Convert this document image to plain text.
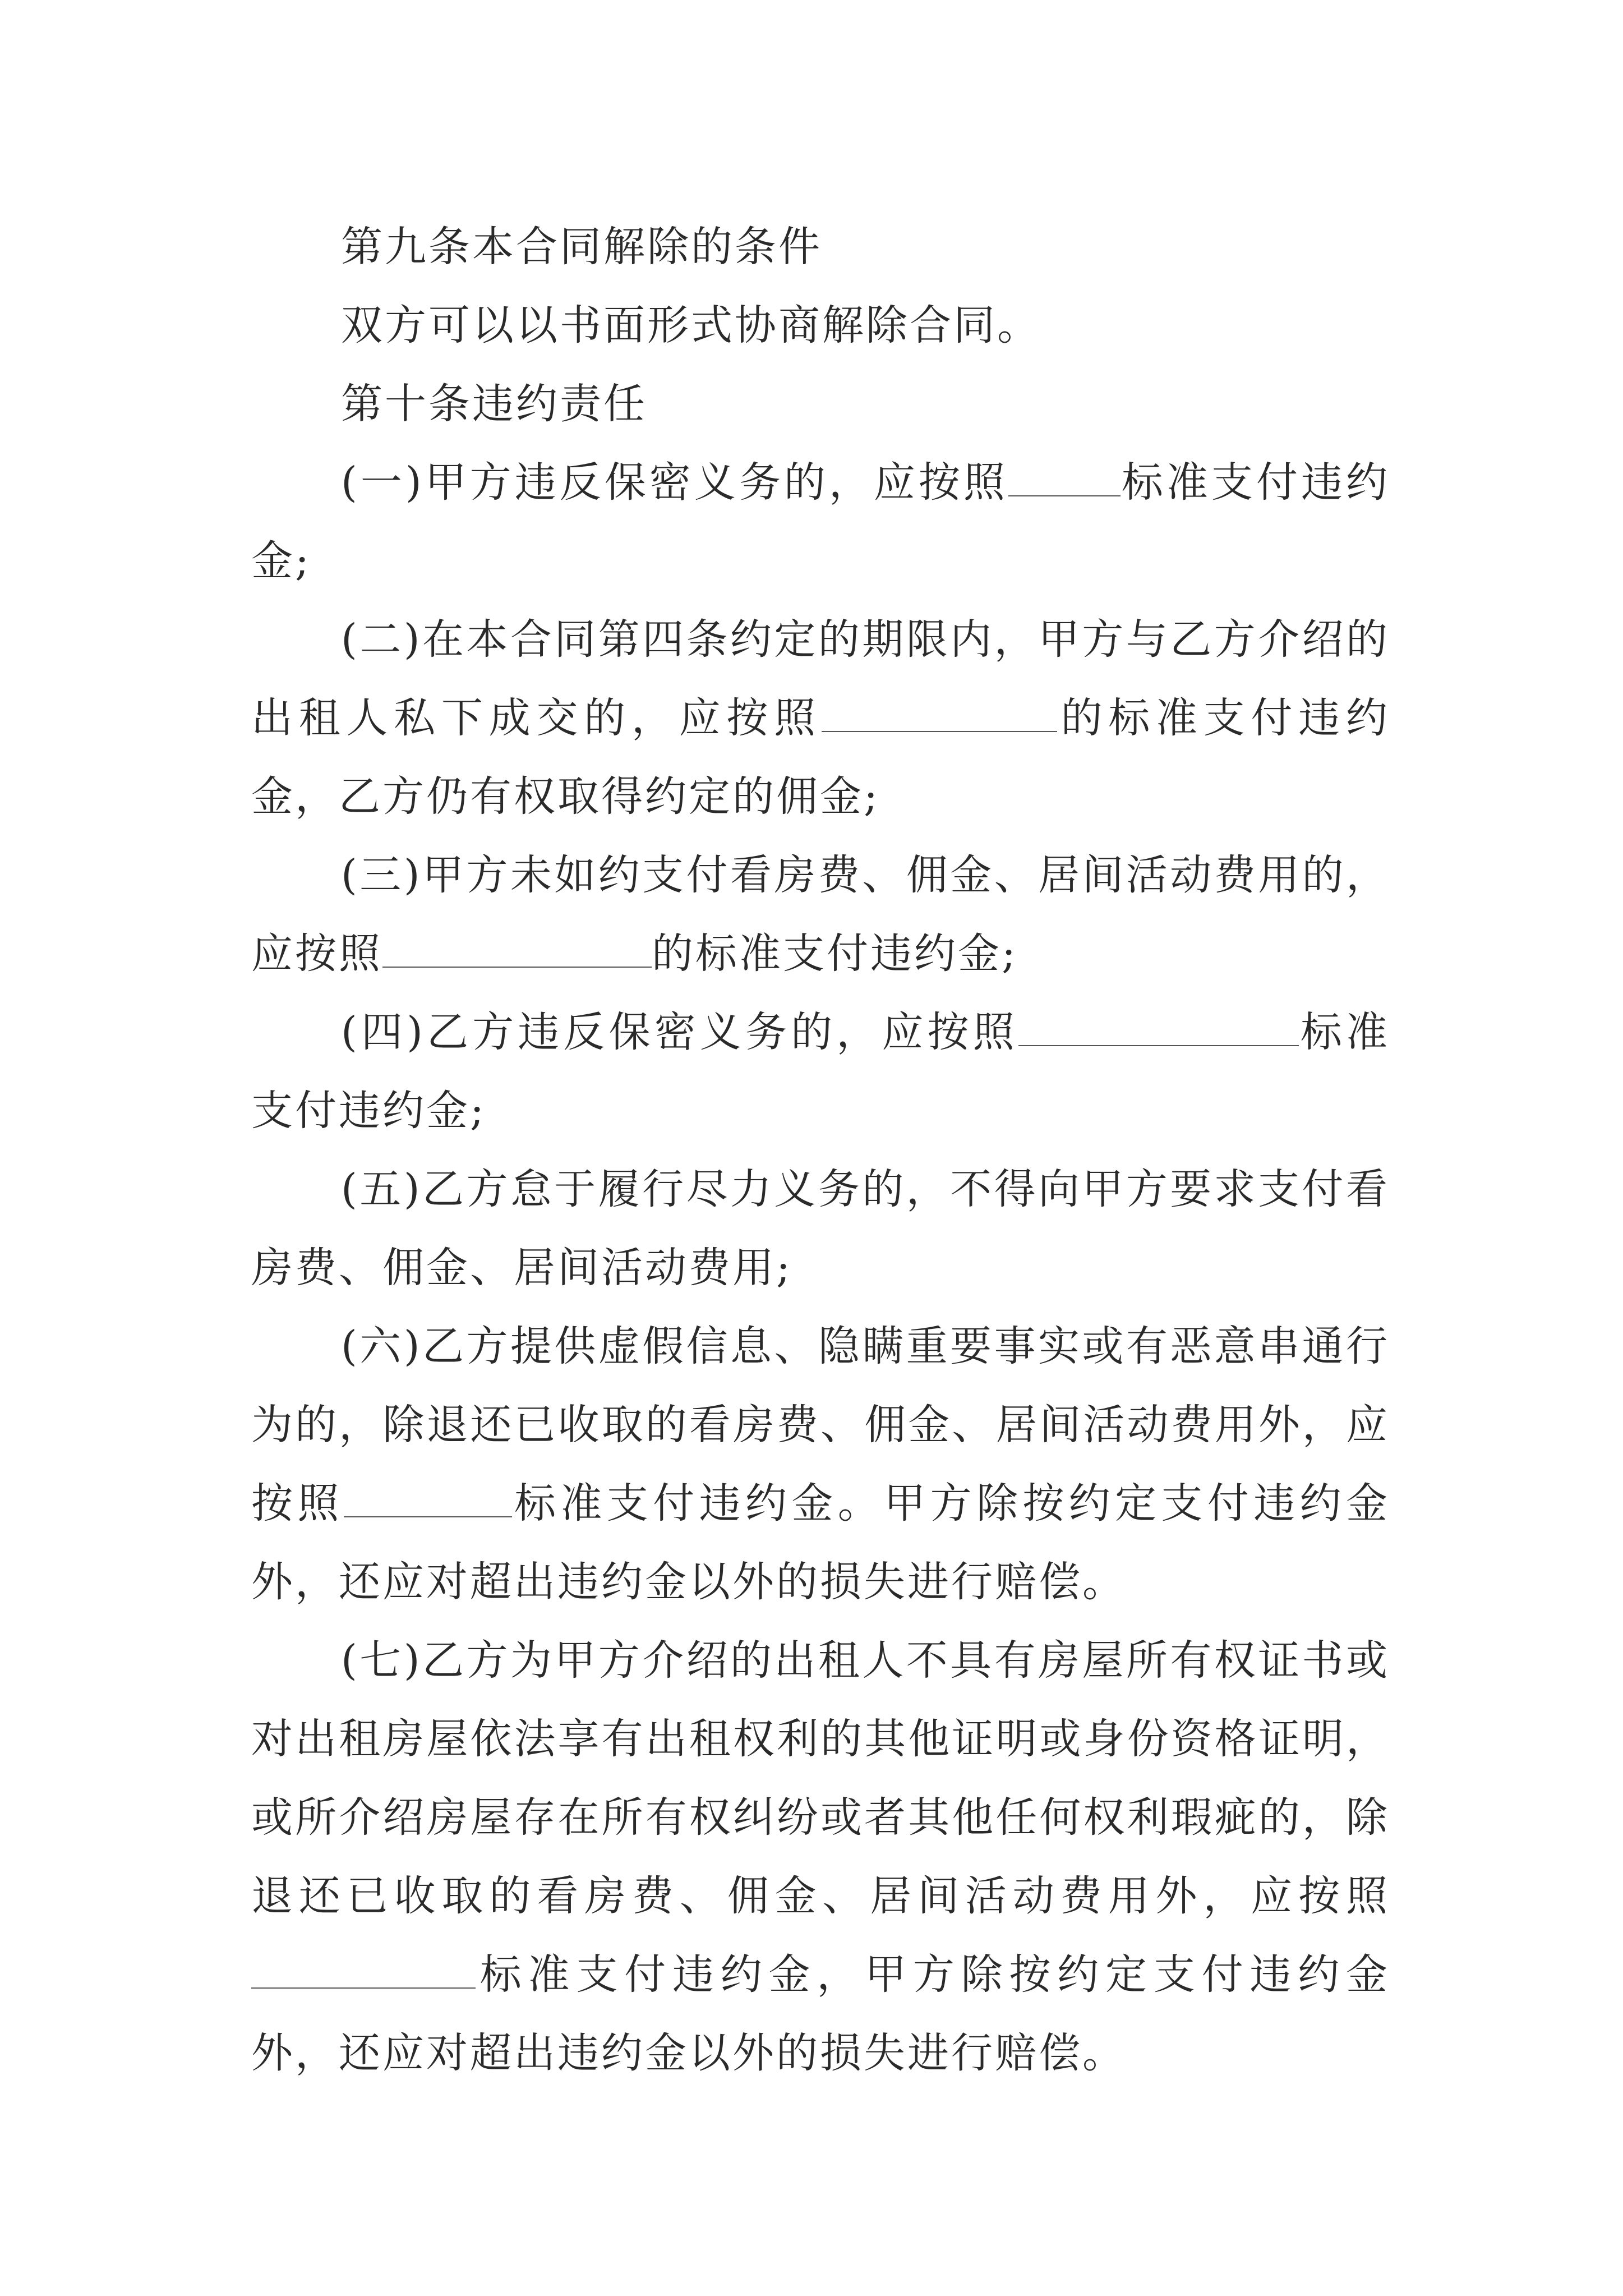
第九条本合同解除的条件

双方可以以书面形式协商解除合同。

第十条违约责任

(一)甲方违反保密义务的，应按照	标准支付违约金;

(二)在本合同第四条约定的期限内，甲方与乙方介绍的出租人私下成交的，应按照	的标准支付违约金，乙方仍有权取得约定的佣金;

(三)甲方未如约支付看房费、佣金、居间活动费用的，应按照	的标准支付违约金;

(四)乙方违反保密义务的，应按照	标准支付违约金;

(五)乙方怠于履行尽力义务的，不得向甲方要求支付看房费、佣金、居间活动费用;

(六)乙方提供虚假信息、隐瞒重要事实或有恶意串通行为的，除退还已收取的看房费、佣金、居间活动费用外，应按照	标准支付违约金。甲方除按约定支付违约金外，还应对超出违约金以外的损失进行赔偿。

(七)乙方为甲方介绍的出租人不具有房屋所有权证书或对出租房屋依法享有出租权利的其他证明或身份资格证明，或所介绍房屋存在所有权纠纷或者其他任何权利瑕疵的，除退还已收取的看房费、佣金、居间活动费用外，应按照标准支付违约金，甲方除按约定支付违约金外，还应对超出违约金以外的损失进行赔偿。
